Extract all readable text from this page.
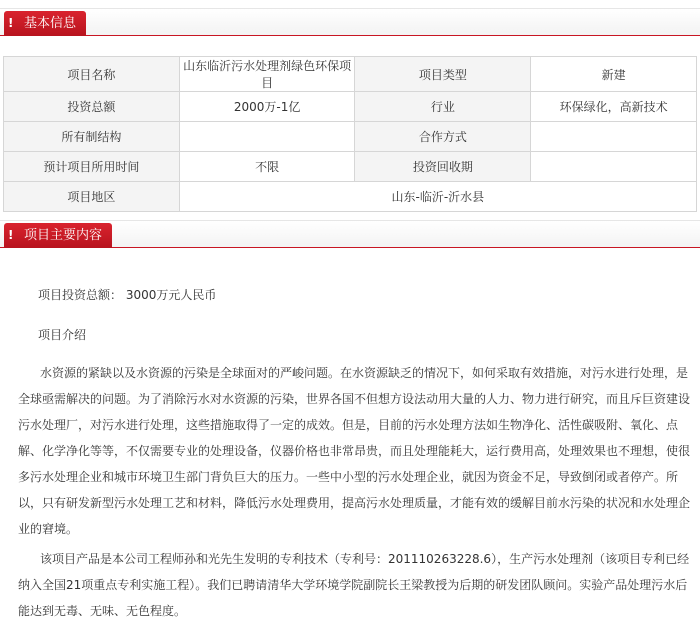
! 基本信息
项目名称	山东临沂污水处理剂绿色环保项目	项目类型	新建
投资总额	2000万-1亿	行业	环保绿化，高新技术
所有制结构		合作方式	
预计项目所用时间	不限	投资回收期	
项目地区	山东-临沂-沂水县		
! 项目主要内容

项目投资总额： 3000万元人民币

项目介绍

水资源的紧缺以及水资源的污染是全球面对的严峻问题。在水资源缺乏的情况下，如何采取有效措施，对污水进行处理，是全球亟需解决的问题。为了消除污水对水资源的污染，世界各国不但想方设法动用大量的人力、物力进行研究，而且斥巨资建设污水处理厂，对污水进行处理，这些措施取得了一定的成效。但是，目前的污水处理方法如生物净化、活性碳吸附、氧化、点解、化学净化等等，不仅需要专业的处理设备，仪器价格也非常昂贵，而且处理能耗大，运行费用高，处理效果也不理想，使很多污水处理企业和城市环境卫生部门背负巨大的压力。一些中小型的污水处理企业，就因为资金不足，导致倒闭或者停产。所以，只有研发新型污水处理工艺和材料，降低污水处理费用，提高污水处理质量，才能有效的缓解目前水污染的状况和水处理企业的窘境。

该项目产品是本公司工程师孙和光先生发明的专利技术（专利号：201110263228.6），生产污水处理剂（该项目专利已经纳入全国21项重点专利实施工程）。我们已聘请清华大学环境学院副院长王梁教授为后期的研发团队顾问。实验产品处理污水后能达到无毒、无味、无色程度。
